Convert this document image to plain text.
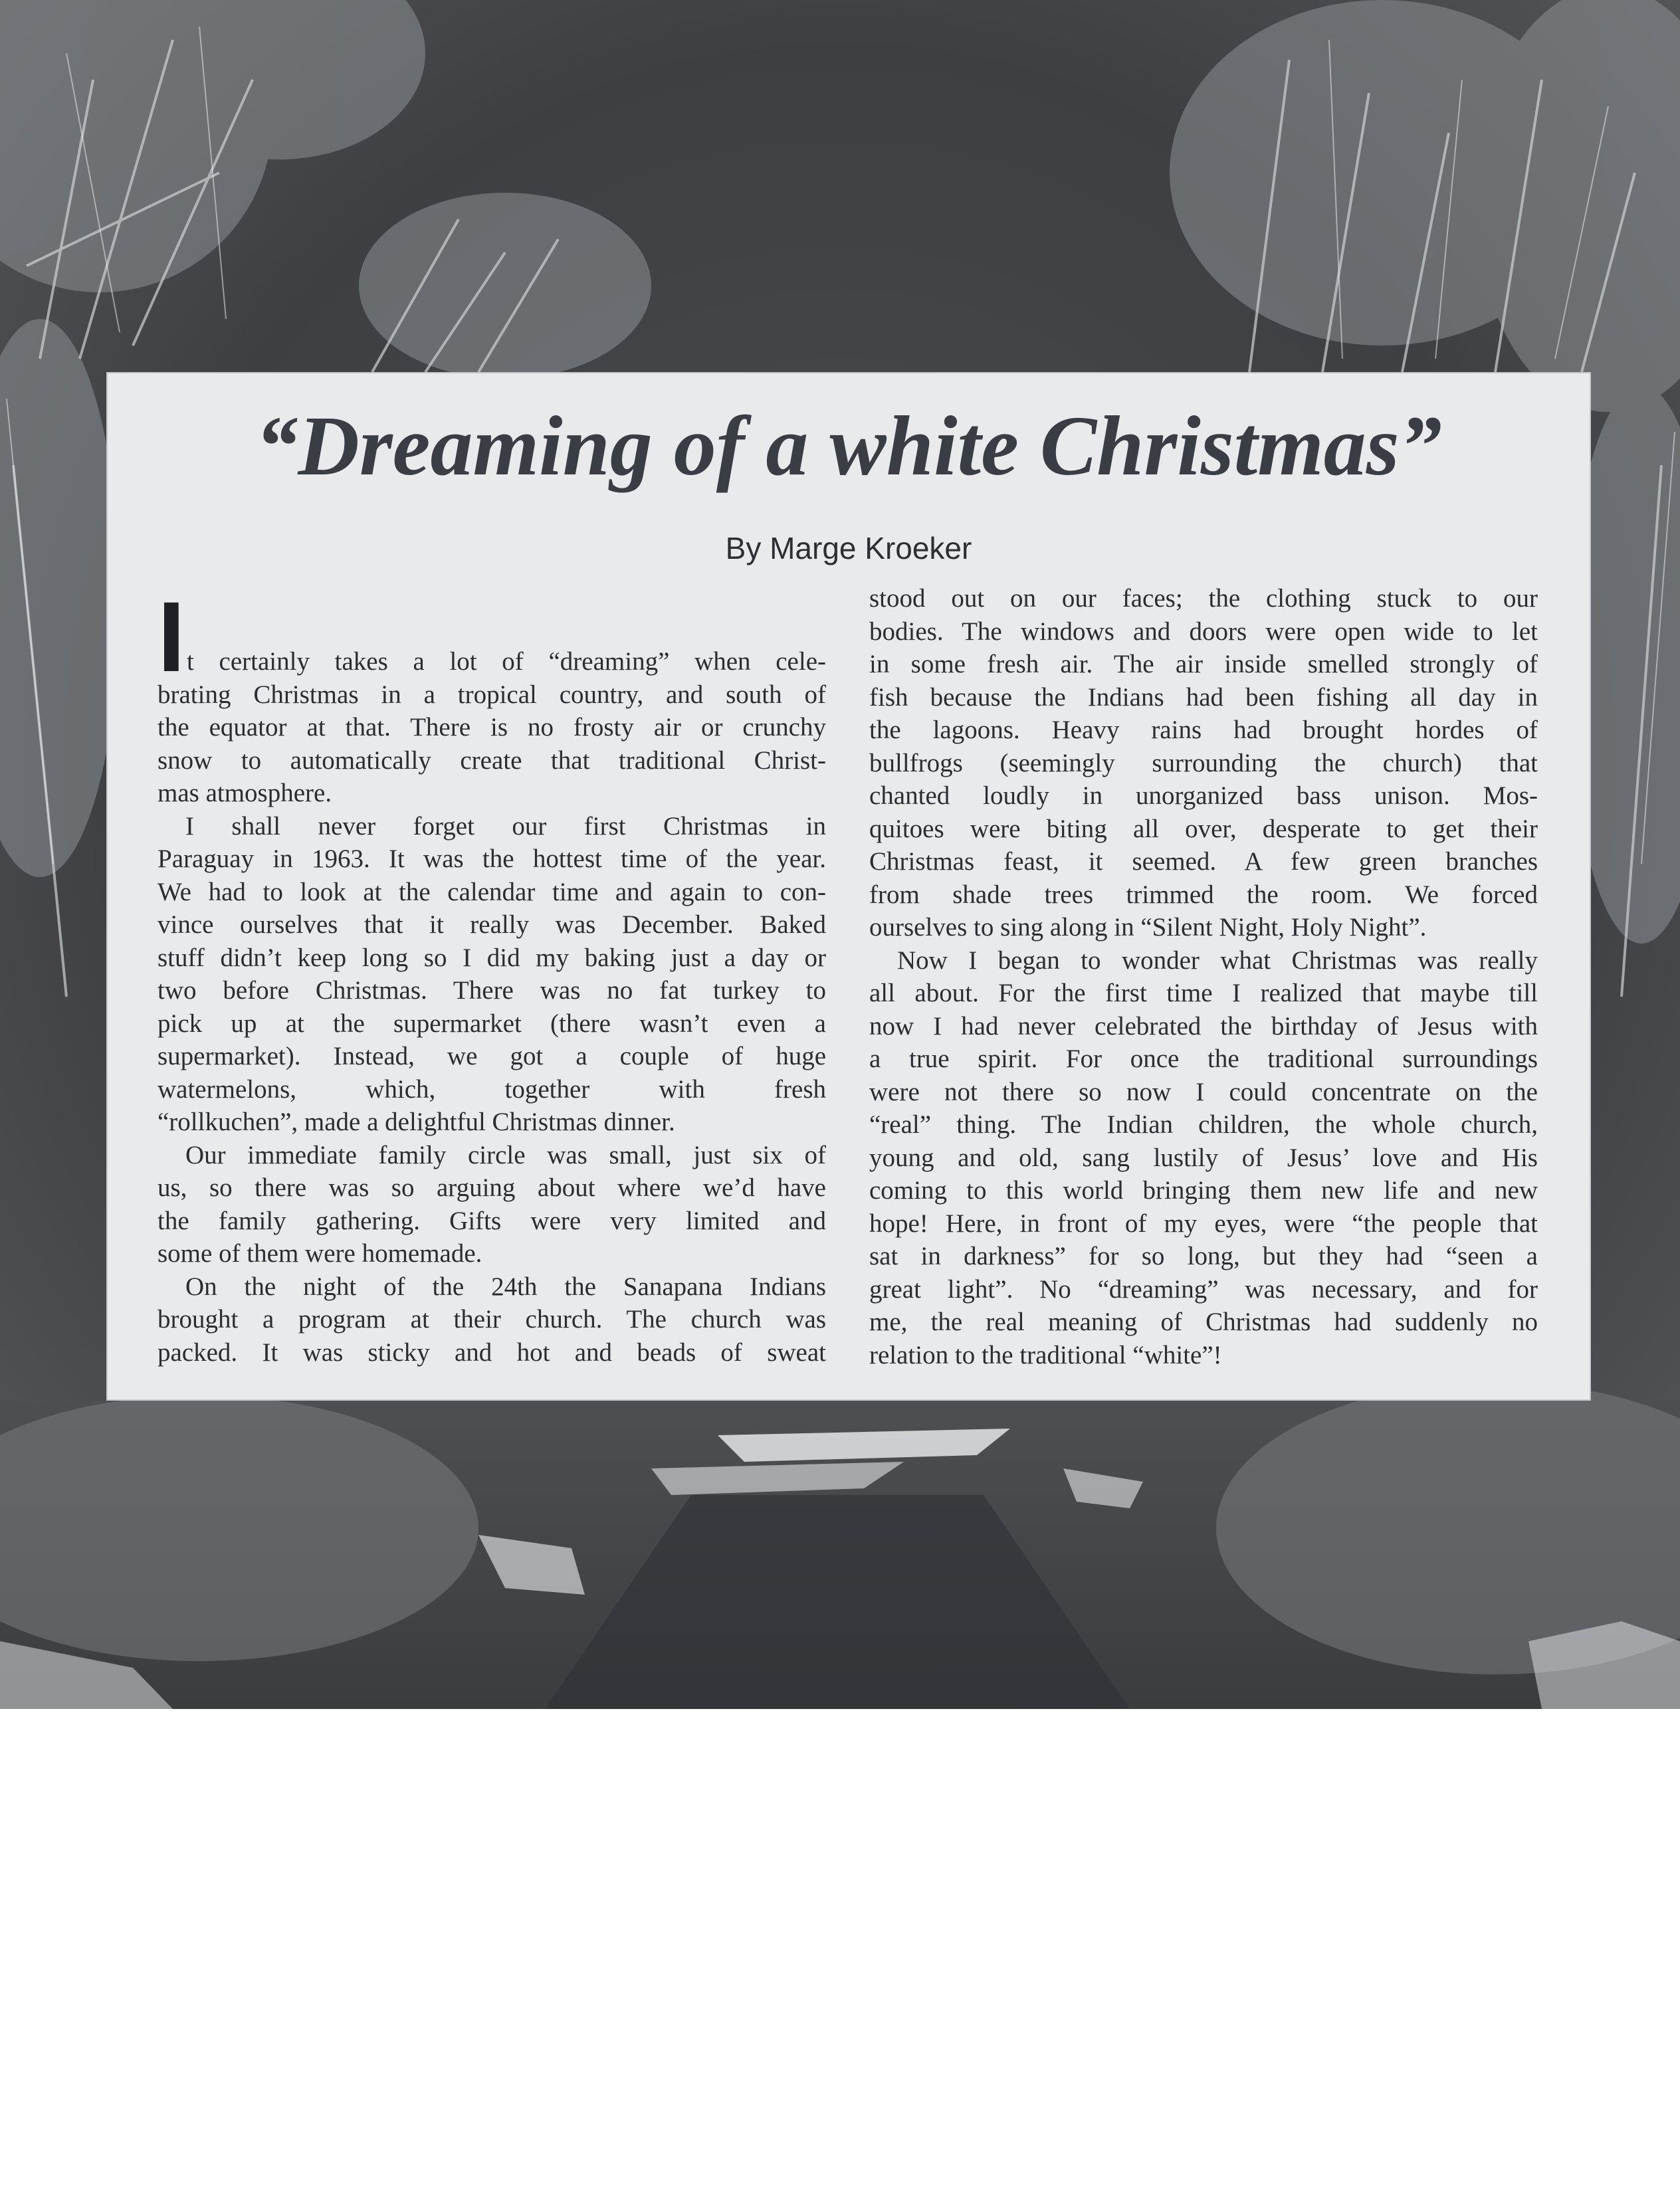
“Dreaming of a white Christmas”
By Marge Kroeker
I t certainly takes a lot of “dreaming” when cele-
brating Christmas in a tropical country, and south of
the equator at that. There is no frosty air or crunchy
snow to automatically create that traditional Christ-
mas atmosphere.
I shall never forget our first Christmas in
Paraguay in 1963. It was the hottest time of the year.
We had to look at the calendar time and again to con-
vince ourselves that it really was December. Baked
stuff didn’t keep long so I did my baking just a day or
two before Christmas. There was no fat turkey to
pick up at the supermarket (there wasn’t even a
supermarket). Instead, we got a couple of huge
watermelons, which, together with fresh
“rollkuchen”, made a delightful Christmas dinner.
Our immediate family circle was small, just six of
us, so there was so arguing about where we’d have
the family gathering. Gifts were very limited and
some of them were homemade.
On the night of the 24th the Sanapana Indians
brought a program at their church. The church was
packed. It was sticky and hot and beads of sweat
stood out on our faces; the clothing stuck to our
bodies. The windows and doors were open wide to let
in some fresh air. The air inside smelled strongly of
fish because the Indians had been fishing all day in
the lagoons. Heavy rains had brought hordes of
bullfrogs (seemingly surrounding the church) that
chanted loudly in unorganized bass unison. Mos-
quitoes were biting all over, desperate to get their
Christmas feast, it seemed. A few green branches
from shade trees trimmed the room. We forced
ourselves to sing along in “Silent Night, Holy Night”.
Now I began to wonder what Christmas was really
all about. For the first time I realized that maybe till
now I had never celebrated the birthday of Jesus with
a true spirit. For once the traditional surroundings
were not there so now I could concentrate on the
“real” thing. The Indian children, the whole church,
young and old, sang lustily of Jesus’ love and His
coming to this world bringing them new life and new
hope! Here, in front of my eyes, were “the people that
sat in darkness” for so long, but they had “seen a
great light”. No “dreaming” was necessary, and for
me, the real meaning of Christmas had suddenly no
relation to the traditional “white”!
